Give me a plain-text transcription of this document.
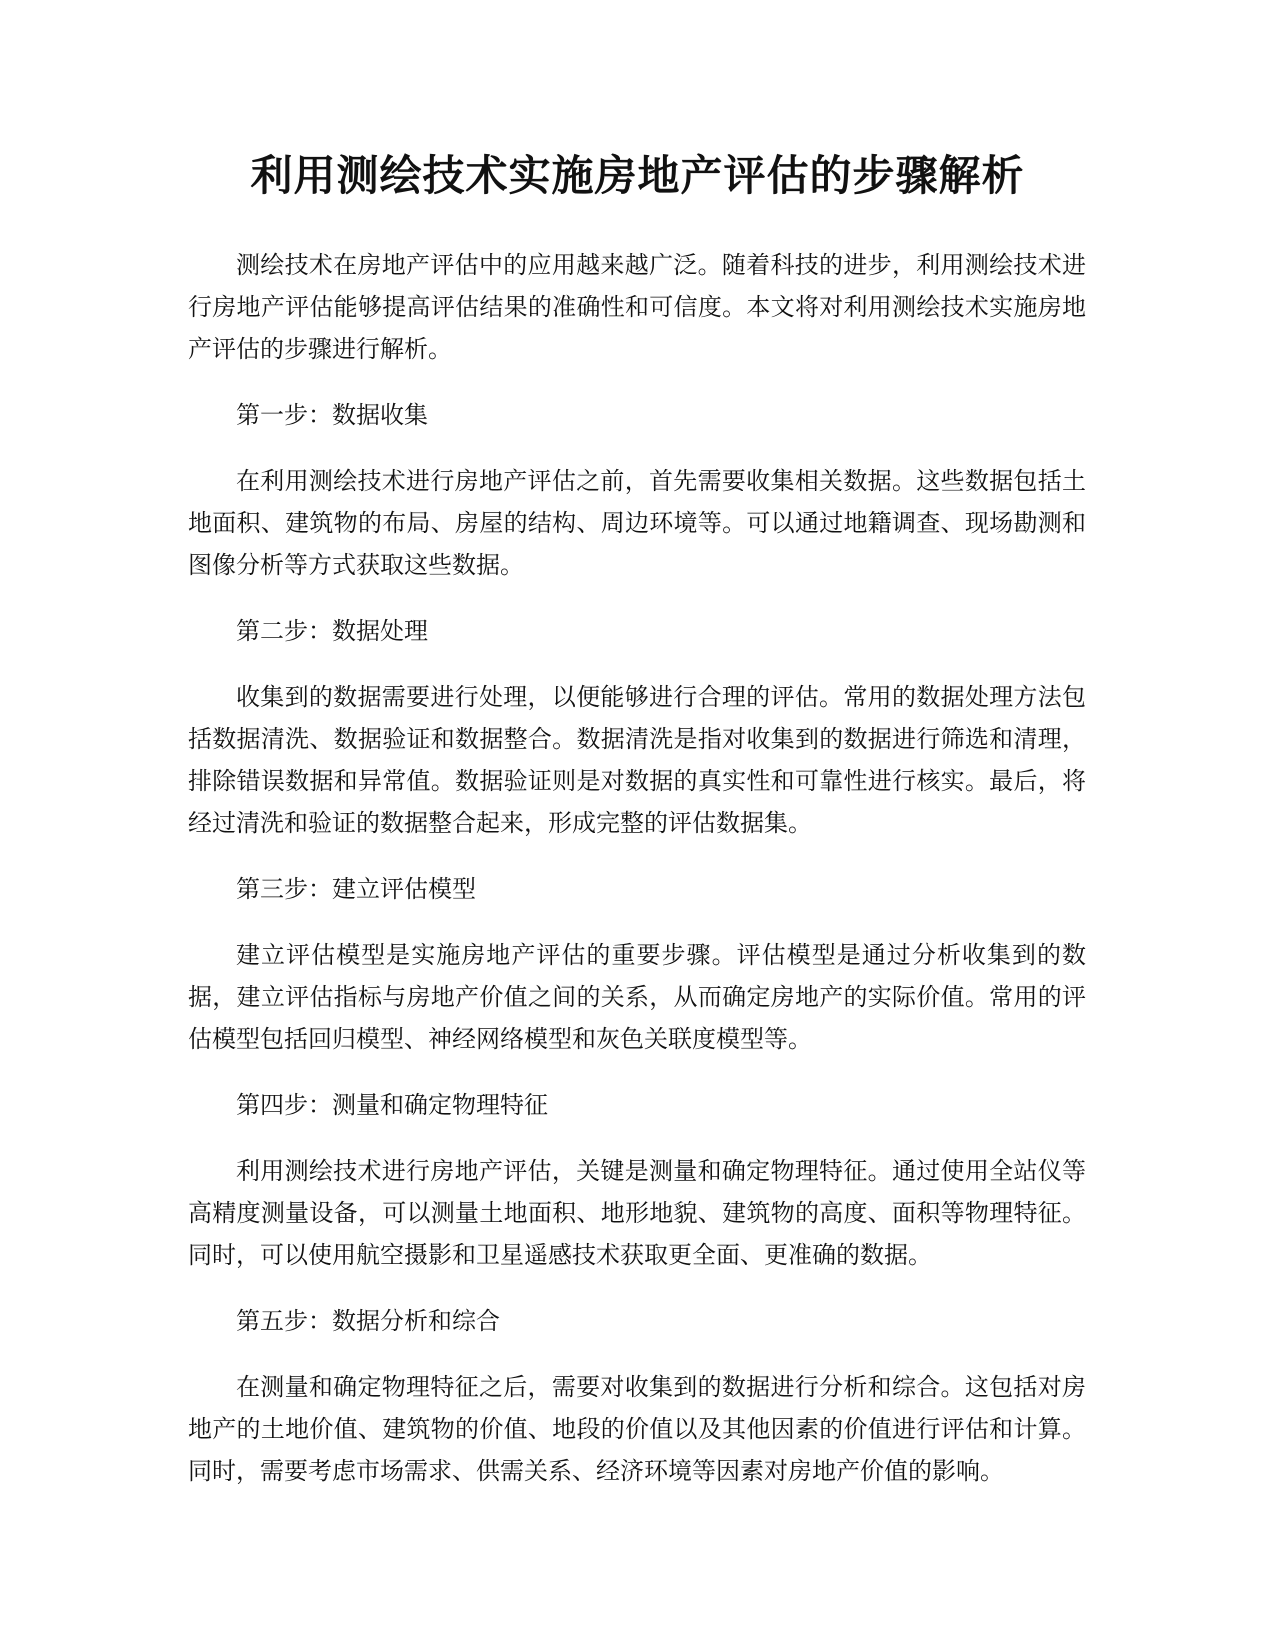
利用测绘技术实施房地产评估的步骤解析

测绘技术在房地产评估中的应用越来越广泛。随着科技的进步，利用测绘技术进行房地产评估能够提高评估结果的准确性和可信度。本文将对利用测绘技术实施房地产评估的步骤进行解析。

第一步：数据收集

在利用测绘技术进行房地产评估之前，首先需要收集相关数据。这些数据包括土地面积、建筑物的布局、房屋的结构、周边环境等。可以通过地籍调查、现场勘测和图像分析等方式获取这些数据。

第二步：数据处理

收集到的数据需要进行处理，以便能够进行合理的评估。常用的数据处理方法包括数据清洗、数据验证和数据整合。数据清洗是指对收集到的数据进行筛选和清理，排除错误数据和异常值。数据验证则是对数据的真实性和可靠性进行核实。最后，将经过清洗和验证的数据整合起来，形成完整的评估数据集。

第三步：建立评估模型

建立评估模型是实施房地产评估的重要步骤。评估模型是通过分析收集到的数据，建立评估指标与房地产价值之间的关系，从而确定房地产的实际价值。常用的评估模型包括回归模型、神经网络模型和灰色关联度模型等。

第四步：测量和确定物理特征

利用测绘技术进行房地产评估，关键是测量和确定物理特征。通过使用全站仪等高精度测量设备，可以测量土地面积、地形地貌、建筑物的高度、面积等物理特征。同时，可以使用航空摄影和卫星遥感技术获取更全面、更准确的数据。

第五步：数据分析和综合

在测量和确定物理特征之后，需要对收集到的数据进行分析和综合。这包括对房地产的土地价值、建筑物的价值、地段的价值以及其他因素的价值进行评估和计算。同时，需要考虑市场需求、供需关系、经济环境等因素对房地产价值的影响。
